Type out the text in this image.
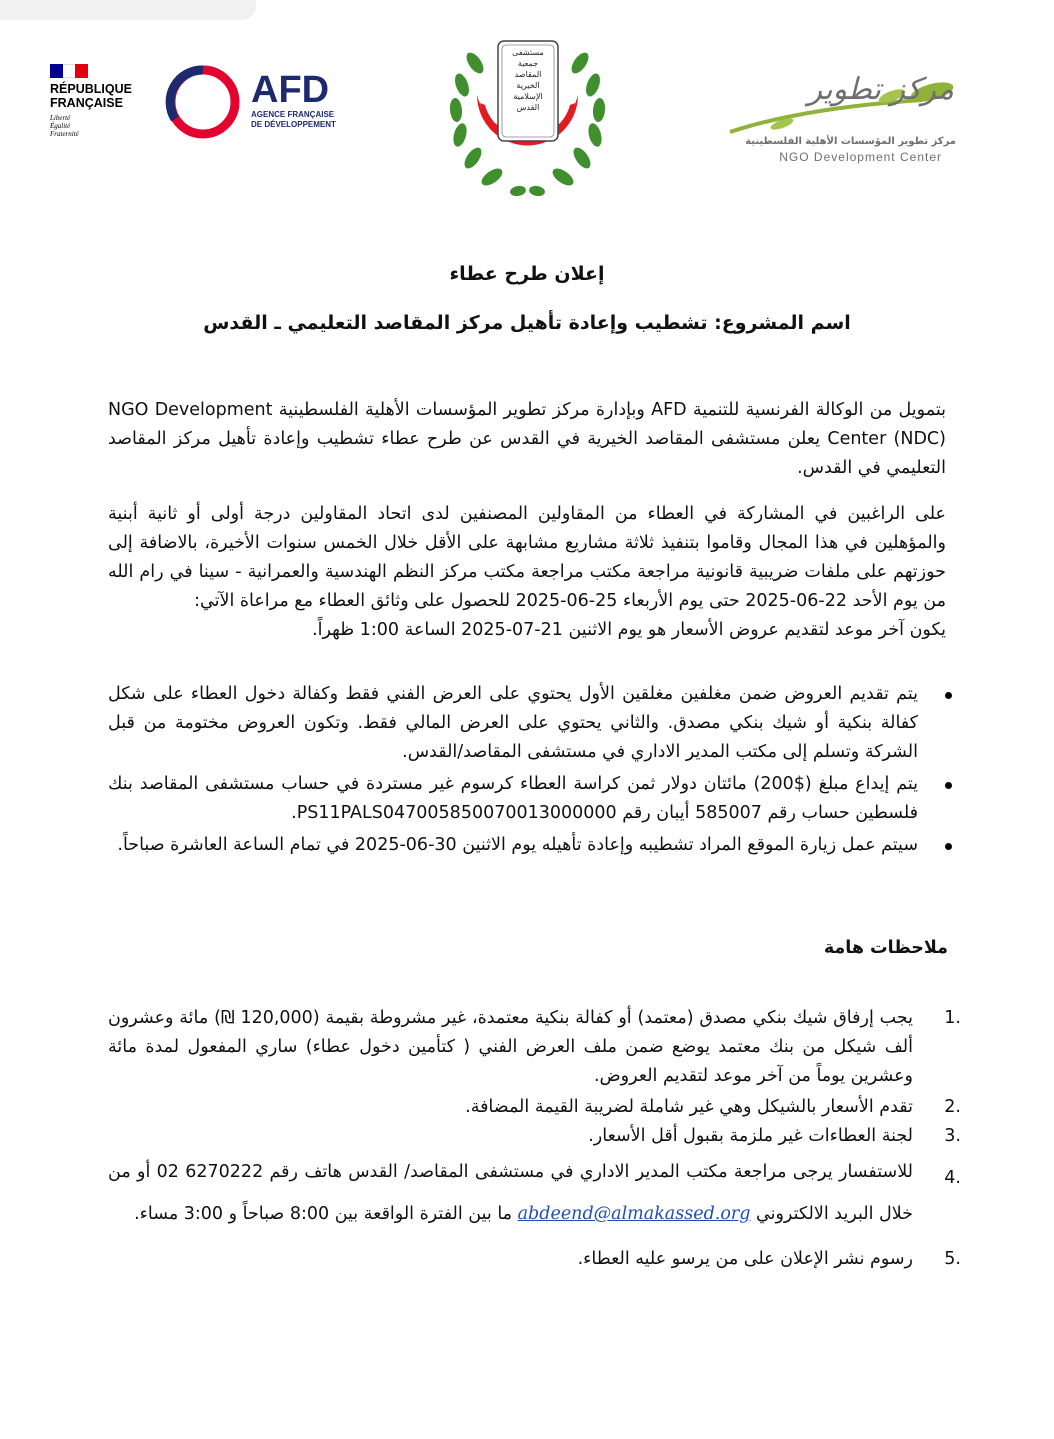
RÉPUBLIQUE
FRANÇAISE
Liberté
Égalité
Fraternité
AFD
AGENCE FRANÇAISE
DE DÉVELOPPEMENT
مستشفى
جمعية
المقاصد الخيرية
الإسلامية
القدس
مركز تطوير
مركز تطوير المؤسسات الأهلية الفلسطينية
NGO Development Center
إعلان طرح عطاء
اسم المشروع: تشطيب وإعادة تأهيل مركز المقاصد التعليمي ـ القدس
بتمويل من الوكالة الفرنسية للتنمية AFD وبإدارة مركز تطوير المؤسسات الأهلية الفلسطينية NGO Development Center (NDC) يعلن مستشفى المقاصد الخيرية في القدس عن طرح عطاء تشطيب وإعادة تأهيل مركز المقاصد التعليمي في القدس.
على الراغبين في المشاركة في العطاء من المقاولين المصنفين لدى اتحاد المقاولين درجة أولى أو ثانية أبنية والمؤهلين في هذا المجال وقاموا بتنفيذ ثلاثة مشاريع مشابهة على الأقل خلال الخمس سنوات الأخيرة، بالاضافة إلى حوزتهم على ملفات ضريبية قانونية مراجعة مكتب مراجعة مكتب مركز النظم الهندسية والعمرانية - سينا في رام الله من يوم الأحد 22-06-2025 حتى يوم الأربعاء 25-06-2025 للحصول على وثائق العطاء مع مراعاة الآتي:
يكون آخر موعد لتقديم عروض الأسعار هو يوم الاثنين 21-07-2025 الساعة 1:00 ظهراً.
يتم تقديم العروض ضمن مغلفين مغلقين الأول يحتوي على العرض الفني فقط وكفالة دخول العطاء على شكل كفالة بنكية أو شيك بنكي مصدق. والثاني يحتوي على العرض المالي فقط. وتكون العروض مختومة من قبل الشركة وتسلم إلى مكتب المدير الاداري في مستشفى المقاصد/القدس.
يتم إيداع مبلغ ($200) مائتان دولار ثمن كراسة العطاء كرسوم غير مستردة في حساب مستشفى المقاصد بنك فلسطين حساب رقم 585007 أيبان رقم PS11PALS047005850070013000000.
سيتم عمل زيارة الموقع المراد تشطيبه وإعادة تأهيله يوم الاثنين 30-06-2025 في تمام الساعة العاشرة صباحاً.
ملاحظات هامة
1.
يجب إرفاق شيك بنكي مصدق (معتمد) أو كفالة بنكية معتمدة، غير مشروطة بقيمة (120,000 ₪) مائة وعشرون ألف شيكل من بنك معتمد يوضع ضمن ملف العرض الفني ( كتأمين دخول عطاء) ساري المفعول لمدة مائة وعشرين يوماً من آخر موعد لتقديم العروض.
2.
تقدم الأسعار بالشيكل وهي غير شاملة لضريبة القيمة المضافة.
3.
لجنة العطاءات غير ملزمة بقبول أقل الأسعار.
4.
للاستفسار يرجى مراجعة مكتب المدير الاداري في مستشفى المقاصد/ القدس هاتف رقم 6270222 02 أو من خلال البريد الالكتروني abdeend@almakassed.org ما بين الفترة الواقعة بين 8:00 صباحاً و 3:00 مساء.
5.
رسوم نشر الإعلان على من يرسو عليه العطاء.
